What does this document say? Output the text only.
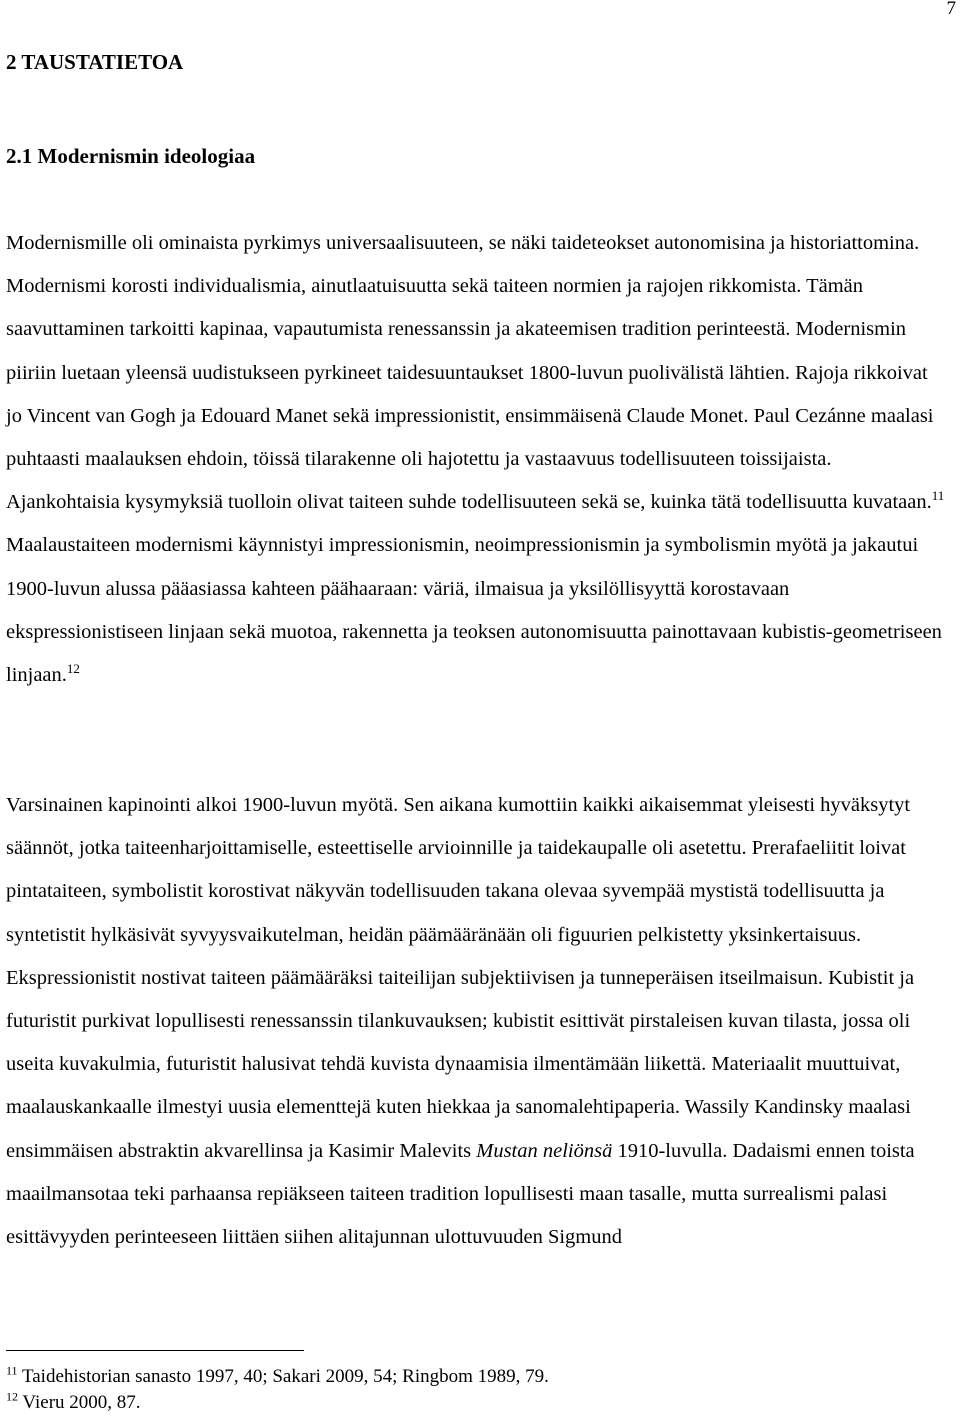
7
2 TAUSTATIETOA
2.1 Modernismin ideologiaa

Modernismille oli ominaista pyrkimys universaalisuuteen, se näki taideteokset autonomisina ja historiattomina. Modernismi korosti individualismia, ainutlaatuisuutta sekä taiteen normien ja rajojen rikkomista. Tämän saavuttaminen tarkoitti kapinaa, vapautumista renessanssin ja akateemisen tradition perinteestä. Modernismin piiriin luetaan yleensä uudistukseen pyrkineet taidesuuntaukset 1800-luvun puolivälistä lähtien. Rajoja rikkoivat jo Vincent van Gogh ja Edouard Manet sekä impressionistit, ensimmäisenä Claude Monet. Paul Cezánne maalasi puhtaasti maalauksen ehdoin, töissä tilarakenne oli hajotettu ja vastaavuus todellisuuteen toissijaista. Ajankohtaisia kysymyksiä tuolloin olivat taiteen suhde todellisuuteen sekä se, kuinka tätä todellisuutta kuvataan.$^{11}$ Maalaustaiteen modernismi käynnistyi impressionismin, neoimpressionismin ja symbolismin myötä ja jakautui 1900-luvun alussa pääasiassa kahteen päähaaraan: väriä, ilmaisua ja yksilöllisyyttä korostavaan ekspressionistiseen linjaan sekä muotoa, rakennetta ja teoksen autonomisuutta painottavaan kubistis-geometriseen linjaan.$^{12}$

Varsinainen kapinointi alkoi 1900-luvun myötä. Sen aikana kumottiin kaikki aikaisemmat yleisesti hyväksytyt säännöt, jotka taiteenharjoittamiselle, esteettiselle arvioinnille ja taidekaupalle oli asetettu. Prerafaeliitit loivat pintataiteen, symbolistit korostivat näkyvän todellisuuden takana olevaa syvempää mystistä todellisuutta ja syntetistit hylkäsivät syvyysvaikutelman, heidän päämääränään oli figuurien pelkistetty yksinkertaisuus. Ekspressionistit nostivat taiteen päämääräksi taiteilijan subjektiivisen ja tunneperäisen itseilmaisun. Kubistit ja futuristit purkivat lopullisesti renessanssin tilankuvauksen; kubistit esittivät pirstaleisen kuvan tilasta, jossa oli useita kuvakulmia, futuristit halusivat tehdä kuvista dynaamisia ilmentämään liikettä. Materiaalit muuttuivat, maalauskankaalle ilmestyi uusia elementtejä kuten hiekkaa ja sanomalehtipaperia. Wassily Kandinsky maalasi ensimmäisen abstraktin akvarellinsa ja Kasimir Malevits Mustan neliönsä 1910-luvulla. Dadaismi ennen toista maailmansotaa teki parhaansa repiäkseen taiteen tradition lopullisesti maan tasalle, mutta surrealismi palasi esittävyyden perinteeseen liittäen siihen alitajunnan ulottuvuuden Sigmund

$^{11}$ Taidehistorian sanasto 1997, 40; Sakari 2009, 54; Ringbom 1989, 79.

$^{12}$ Vieru 2000, 87.
